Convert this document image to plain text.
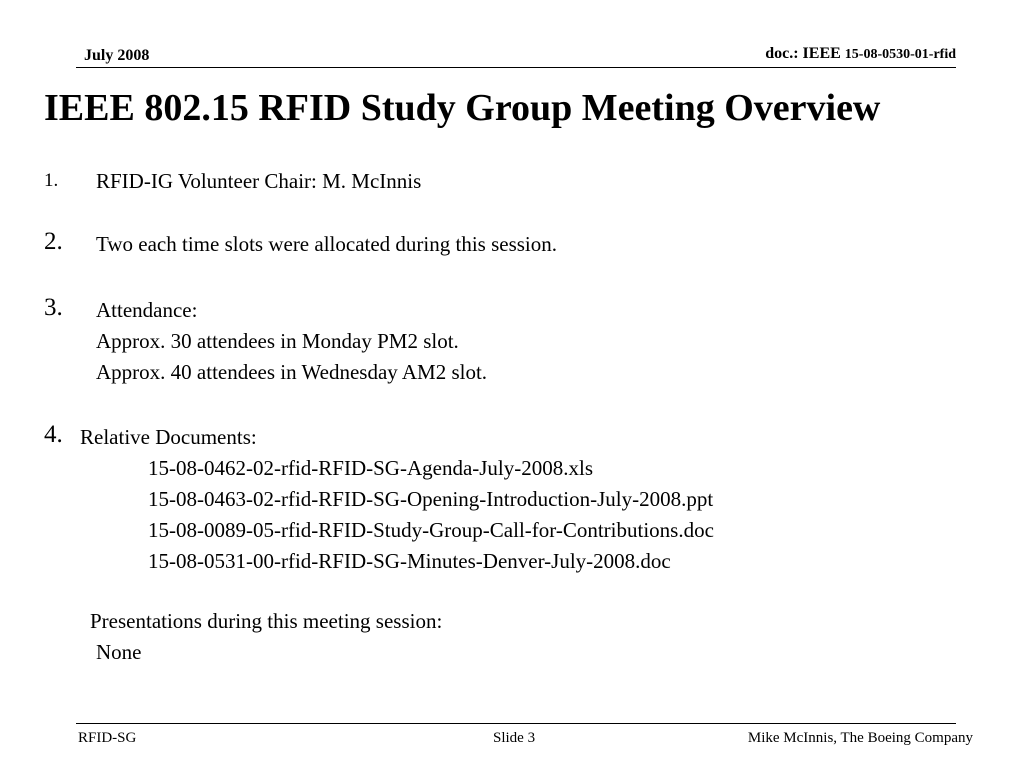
July 2008	doc.: IEEE 15-08-0530-01-rfid
IEEE 802.15 RFID Study Group Meeting Overview
1. RFID-IG Volunteer Chair: M. McInnis
2. Two each time slots were allocated during this session.
3. Attendance:
Approx. 30 attendees in Monday PM2 slot.
Approx. 40 attendees in Wednesday AM2 slot.
4. Relative Documents:
15-08-0462-02-rfid-RFID-SG-Agenda-July-2008.xls
15-08-0463-02-rfid-RFID-SG-Opening-Introduction-July-2008.ppt
15-08-0089-05-rfid-RFID-Study-Group-Call-for-Contributions.doc
15-08-0531-00-rfid-RFID-SG-Minutes-Denver-July-2008.doc
Presentations during this meeting session:
None
RFID-SG	Slide 3	Mike McInnis, The Boeing Company
